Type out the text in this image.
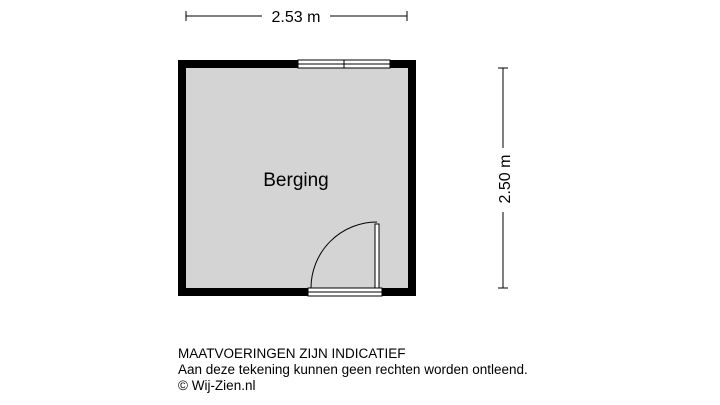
2.53 m
2.50 m
Berging
MAATVOERINGEN ZIJN INDICATIEF
Aan deze tekening kunnen geen rechten worden ontleend.
© Wij-Zien.nl
